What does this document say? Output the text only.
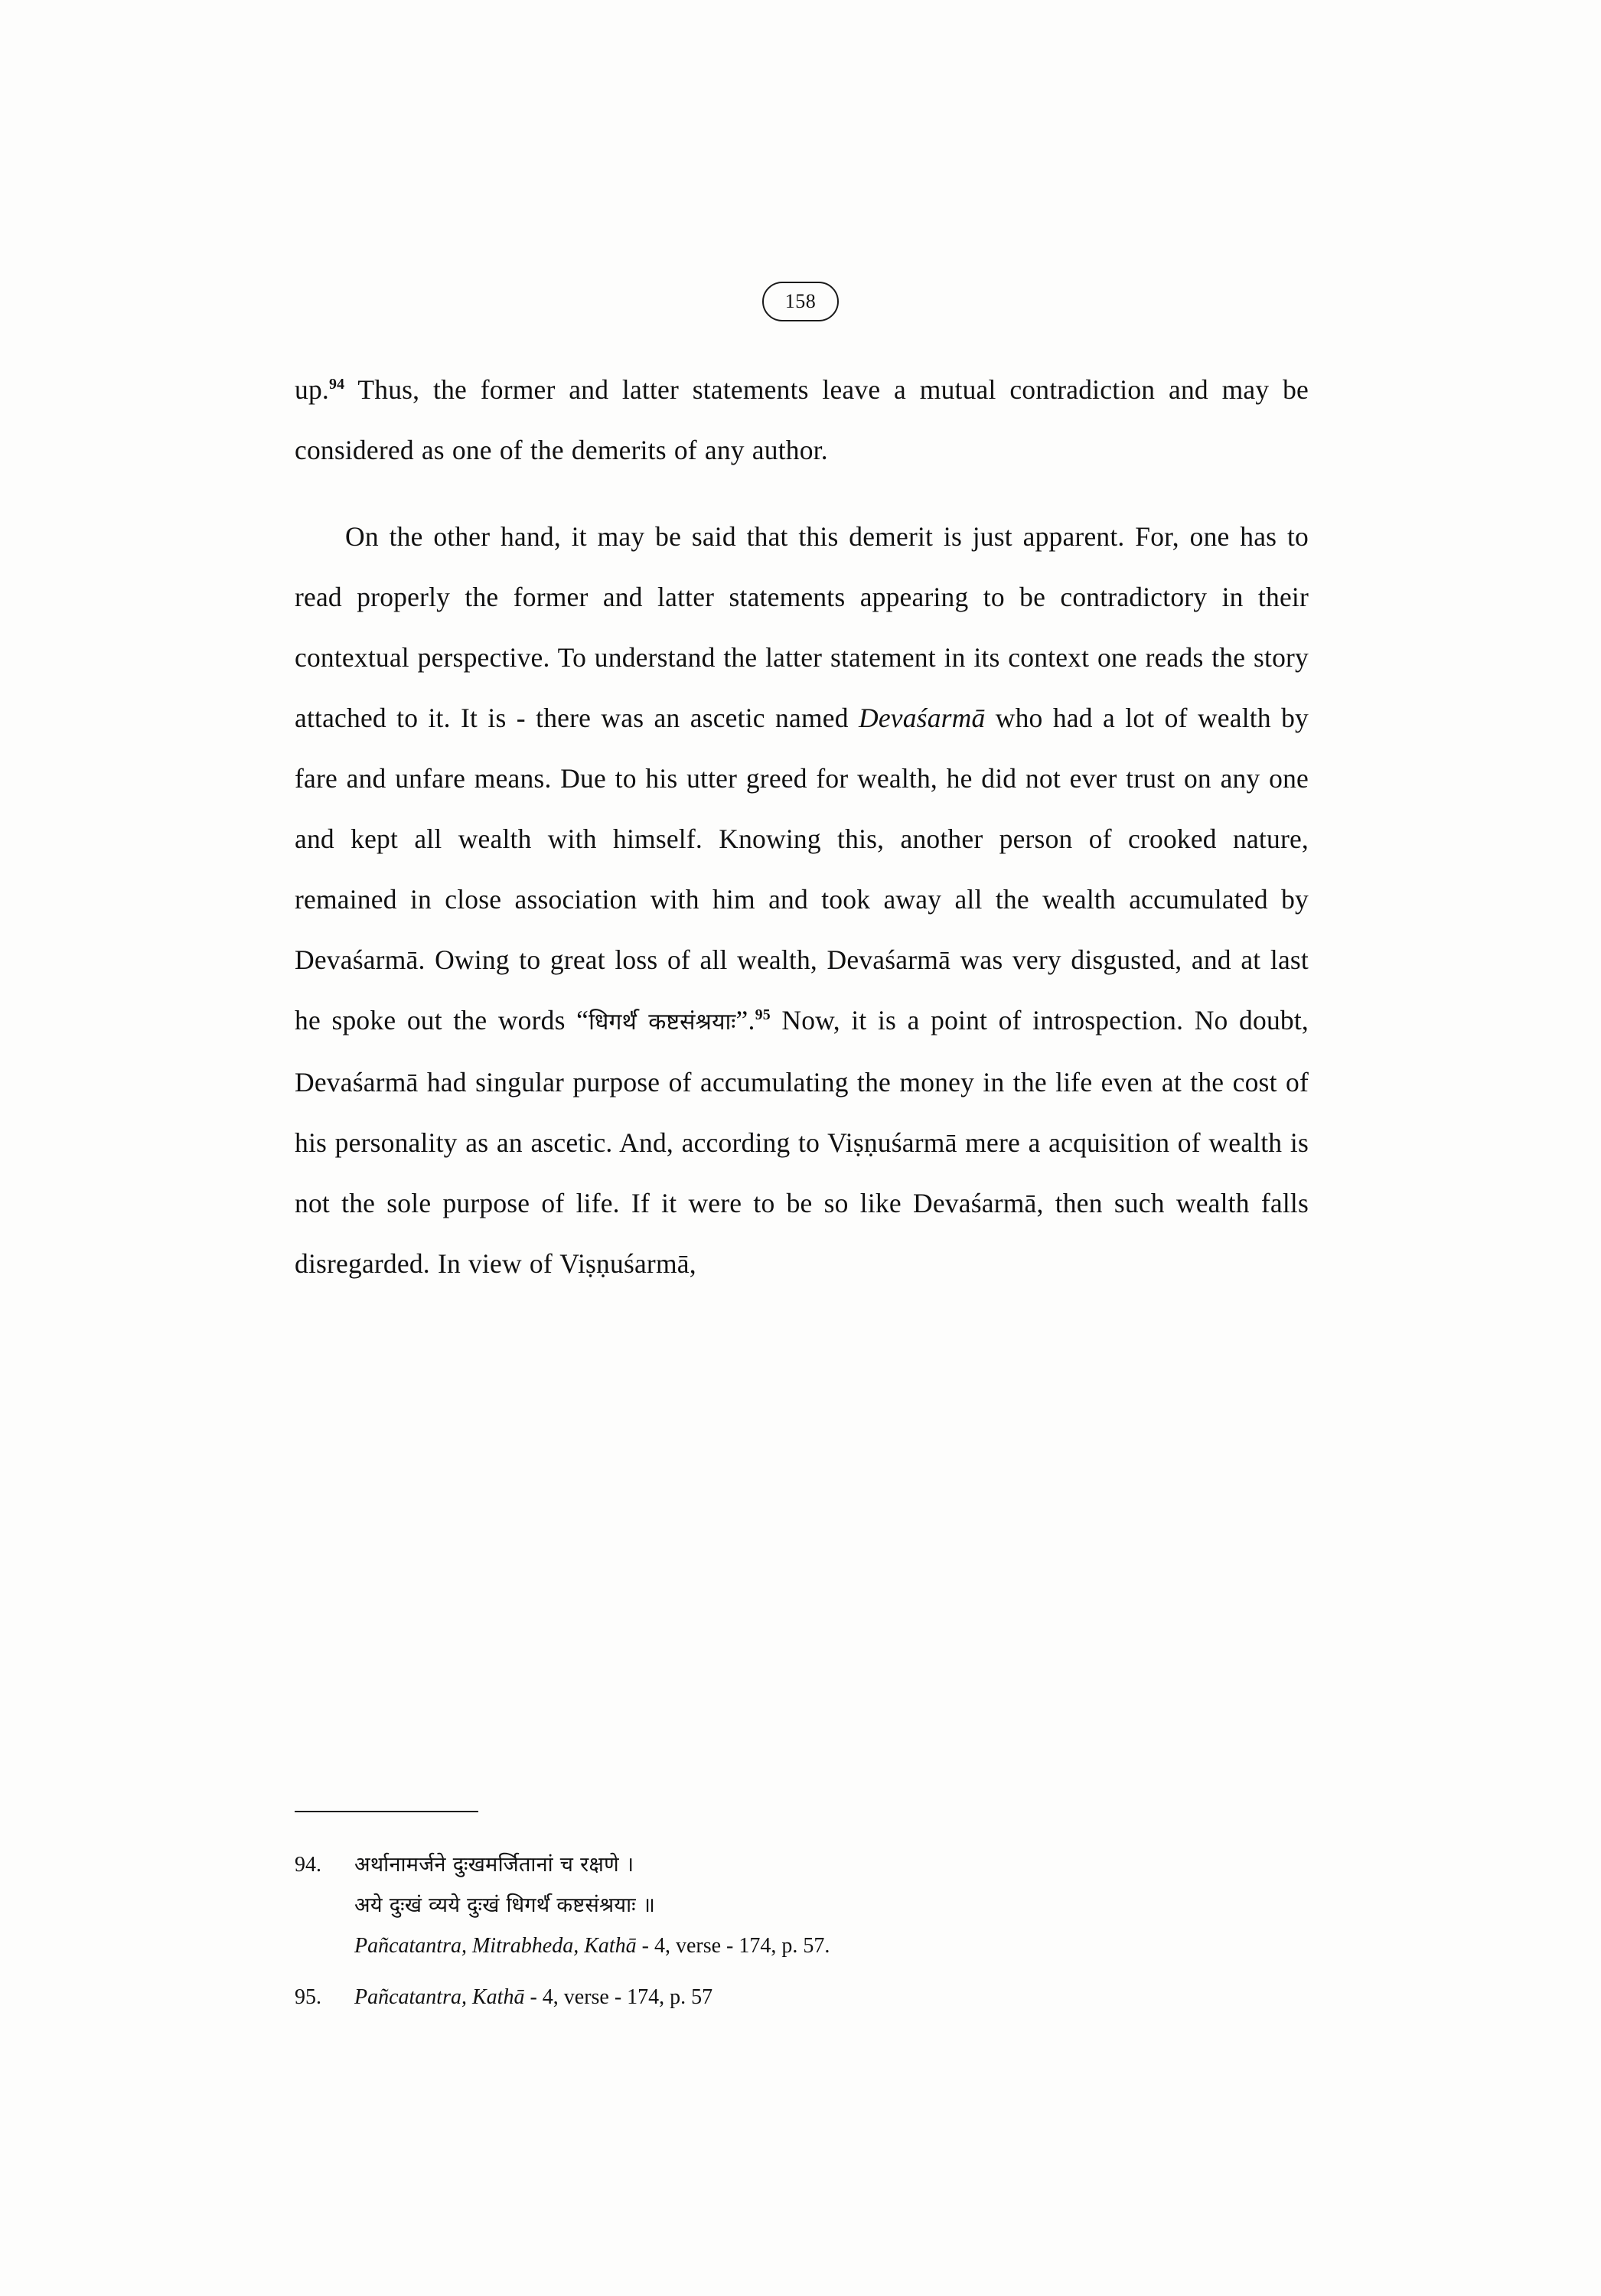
158

up.$^{94}$ Thus, the former and latter statements leave a mutual contradiction and may be considered as one of the demerits of any author.

On the other hand, it may be said that this demerit is just apparent. For, one has to read properly the former and latter statements appearing to be contradictory in their contextual perspective. To understand the latter statement in its context one reads the story attached to it. It is - there was an ascetic named Devaśarmā who had a lot of wealth by fare and unfare means. Due to his utter greed for wealth, he did not ever trust on any one and kept all wealth with himself. Knowing this, another person of crooked nature, remained in close association with him and took away all the wealth accumulated by Devaśarmā. Owing to great loss of all wealth, Devaśarmā was very disgusted, and at last he spoke out the words “धिगर्थऺ कष्टसंश्रयाः”.$^{95}$ Now, it is a point of introspection. No doubt, Devaśarmā had singular purpose of accumulating the money in the life even at the cost of his personality as an ascetic. And, according to Viṣṇuśarmā mere a acquisition of wealth is not the sole purpose of life. If it were to be so like Devaśarmā, then such wealth falls disregarded. In view of Viṣṇuśarmā,

94.	अर्थानामर्जने दुःखमर्जितानां च रक्षणे ।
अये दुःखं व्यये दुःखं धिगर्थऺ कष्टसंश्रयाः ॥
Pañcatantra, Mitrabheda, Kathā - 4, verse - 174, p. 57.
95.	Pañcatantra, Kathā - 4, verse - 174, p. 57
